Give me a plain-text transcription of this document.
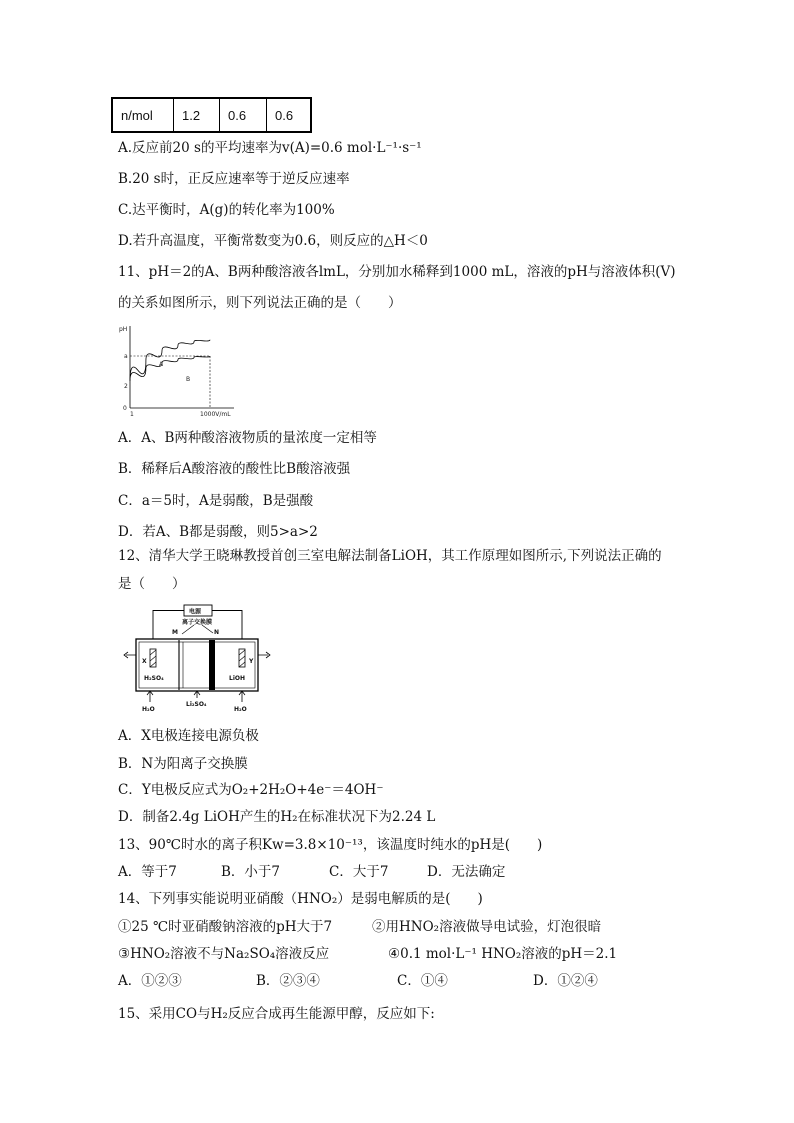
n/mol	1.2	0.6	0.6
A.反应前20 s的平均速率为v(A)=0.6 mol·L⁻¹·s⁻¹
B.20 s时，正反应速率等于逆反应速率
C.达平衡时，A(g)的转化率为100%
D.若升高温度，平衡常数变为0.6，则反应的△H＜0
11、pH＝2的A、B两种酸溶液各lmL，分别加水稀释到1000 mL，溶液的pH与溶液体积(V)
的关系如图所示，则下列说法正确的是（　　）
pH
1000V/mL
a
2
0
1
A
B
A．A、B两种酸溶液物质的量浓度一定相等
B．稀释后A酸溶液的酸性比B酸溶液强
C．a＝5时，A是弱酸，B是强酸
D．若A、B都是弱酸，则5>a>2
12、清华大学王晓琳教授首创三室电解法制备LiOH，其工作原理如图所示,下列说法正确的
是（　　）
电源
离子交换膜
M	N
X	Y
H₂SO₄	LiOH
Li₂SO₄
H₂O	H₂O
A．X电极连接电源负极
B．N为阳离子交换膜
C．Y电极反应式为O₂+2H₂O+4e⁻＝4OH⁻
D．制备2.4g LiOH产生的H₂在标准状况下为2.24 L
13、90℃时水的离子积Kw=3.8×10⁻¹³，该温度时纯水的pH是(　　)
A．等于7	B．小于7	C．大于7	D．无法确定
14、下列事实能说明亚硝酸（HNO₂）是弱电解质的是(　　)
①25 ℃时亚硝酸钠溶液的pH大于7	②用HNO₂溶液做导电试验，灯泡很暗
③HNO₂溶液不与Na₂SO₄溶液反应	④0.1 mol·L⁻¹ HNO₂溶液的pH＝2.1
A．①②③	B．②③④	C．①④	D．①②④
15、采用CO与H₂反应合成再生能源甲醇，反应如下:
